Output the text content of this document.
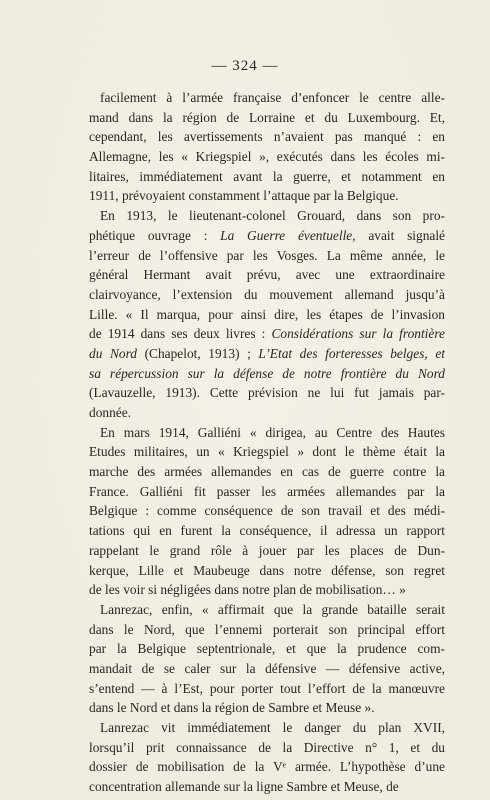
— 324 —
facilement à l’armée française d’enfoncer le centre alle-
mand dans la région de Lorraine et du Luxembourg. Et,
cependant, les avertissements n’avaient pas manqué : en
Allemagne, les « Kriegspiel », exécutés dans les écoles mi-
litaires, immédiatement avant la guerre, et notamment en
1911, prévoyaient constamment l’attaque par la Belgique.
En 1913, le lieutenant-colonel Grouard, dans son pro-
phétique ouvrage : La Guerre éventuelle, avait signalé
l’erreur de l’offensive par les Vosges. La même année, le
général Hermant avait prévu, avec une extraordinaire
clairvoyance, l’extension du mouvement allemand jusqu’à
Lille. « Il marqua, pour ainsi dire, les étapes de l’invasion
de 1914 dans ses deux livres : Considérations sur la frontière
du Nord (Chapelot, 1913) ; L’Etat des forteresses belges, et
sa répercussion sur la défense de notre frontière du Nord
(Lavauzelle, 1913). Cette prévision ne lui fut jamais par-
donnée.
En mars 1914, Galliéni « dirigea, au Centre des Hautes
Etudes militaires, un « Kriegspiel » dont le thème était la
marche des armées allemandes en cas de guerre contre la
France. Galliéni fit passer les armées allemandes par la
Belgique : comme conséquence de son travail et des médi-
tations qui en furent la conséquence, il adressa un rapport
rappelant le grand rôle à jouer par les places de Dun-
kerque, Lille et Maubeuge dans notre défense, son regret
de les voir si négligées dans notre plan de mobilisation… »
Lanrezac, enfin, « affirmait que la grande bataille serait
dans le Nord, que l’ennemi porterait son principal effort
par la Belgique septentrionale, et que la prudence com-
mandait de se caler sur la défensive — défensive active,
s’entend — à l’Est, pour porter tout l’effort de la manœuvre
dans le Nord et dans la région de Sambre et Meuse ».
Lanrezac vit immédiatement le danger du plan XVII,
lorsqu’il prit connaissance de la Directive n° 1, et du
dossier de mobilisation de la Vᵉ armée. L’hypothèse d’une
concentration allemande sur la ligne Sambre et Meuse, de
